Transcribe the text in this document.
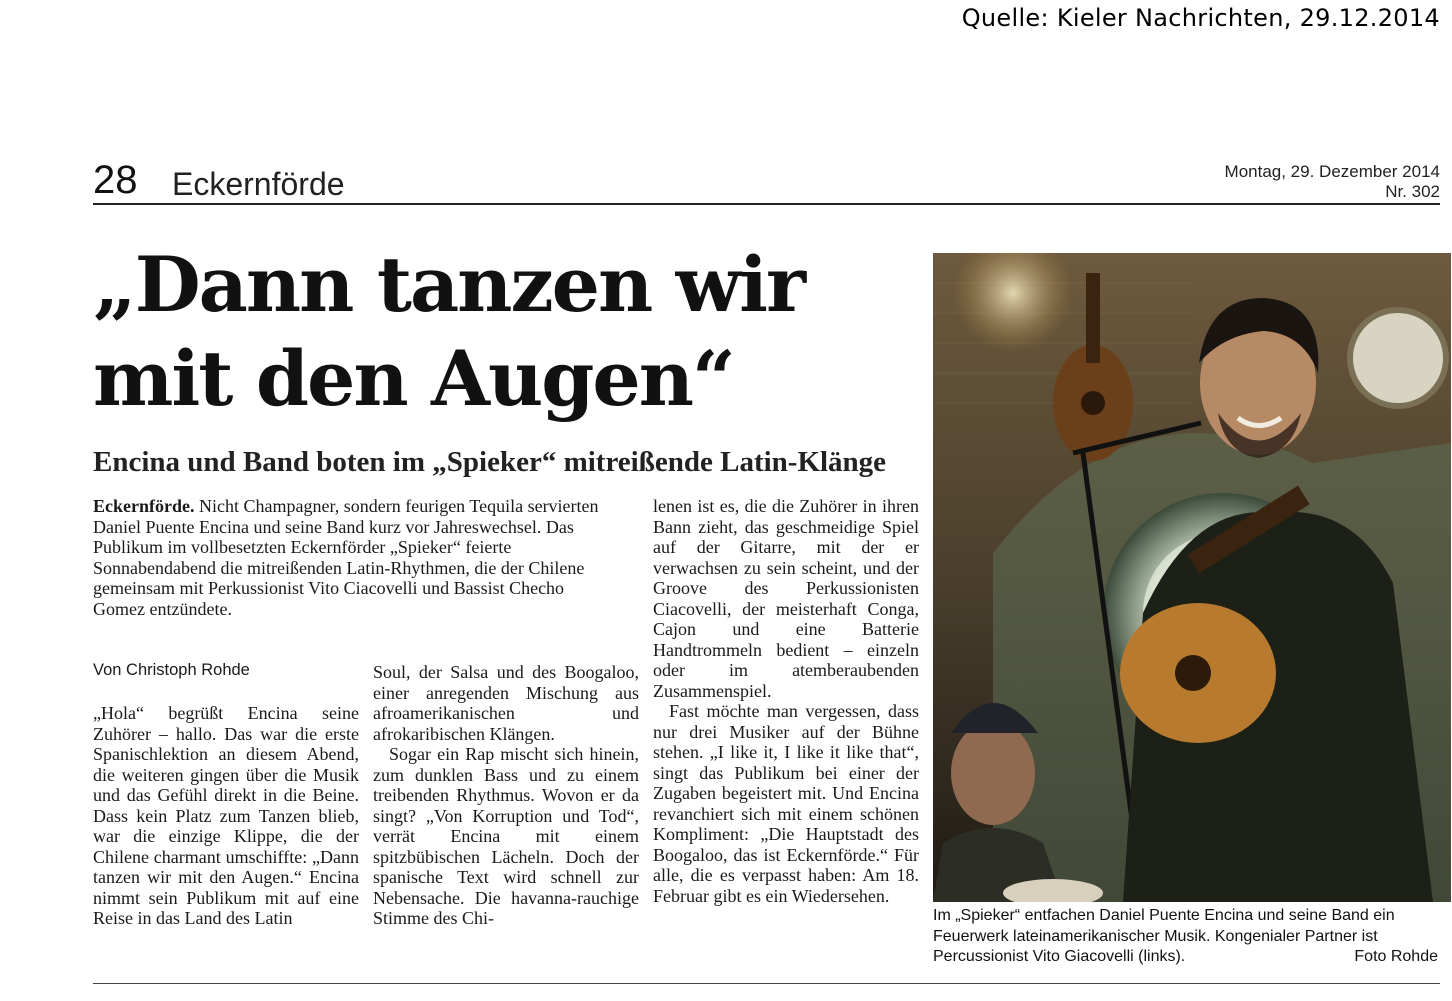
Quelle: Kieler Nachrichten, 29.12.2014
28 Eckernförde	Montag, 29. Dezember 2014
Nr. 302
„Dann tanzen wir
mit den Augen“
Encina und Band boten im „Spieker“ mitreißende Latin-Klänge

Eckernförde. Nicht Champagner, sondern feurigen Tequila servierten Daniel Puente Encina und seine Band kurz vor Jahreswechsel. Das Publikum im vollbesetzten Eckernförder „Spieker“ feierte Sonnabendabend die mitreißenden Latin-Rhythmen, die der Chilene gemeinsam mit Perkussionist Vito Ciacovelli und Bassist Checho Gomez entzündete.

Von Christoph Rohde

„Hola“ begrüßt Encina seine Zuhörer – hallo. Das war die erste Spanischlektion an diesem Abend, die weiteren gingen über die Musik und das Gefühl direkt in die Beine. Dass kein Platz zum Tanzen blieb, war die einzige Klippe, die der Chilene charmant umschiffte: „Dann tanzen wir mit den Augen.“ Encina nimmt sein Publikum mit auf eine Reise in das Land des Latin

Soul, der Salsa und des Boogaloo, einer anregenden Mischung aus afroamerikanischen und afrokaribischen Klängen.

Sogar ein Rap mischt sich hinein, zum dunklen Bass und zu einem treibenden Rhythmus. Wovon er da singt? „Von Korruption und Tod“, verrät Encina mit einem spitzbübischen Lächeln. Doch der spanische Text wird schnell zur Nebensache. Die havanna-rauchige Stimme des Chi-

lenen ist es, die die Zuhörer in ihren Bann zieht, das geschmeidige Spiel auf der Gitarre, mit der er verwachsen zu sein scheint, und der Groove des Perkussionisten Ciacovelli, der meisterhaft Conga, Cajon und eine Batterie Handtrommeln bedient – einzeln oder im atemberaubenden Zusammenspiel.

Fast möchte man vergessen, dass nur drei Musiker auf der Bühne stehen. „I like it, I like it like that“, singt das Publikum bei einer der Zugaben begeistert mit. Und Encina revanchiert sich mit einem schönen Kompliment: „Die Hauptstadt des Boogaloo, das ist Eckernförde.“ Für alle, die es verpasst haben: Am 18. Februar gibt es ein Wiedersehen.

Im „Spieker“ entfachen Daniel Puente Encina und seine Band ein Feuerwerk lateinamerikanischer Musik. Kongenialer Partner ist Percussionist Vito Giacovelli (links).	Foto Rohde
